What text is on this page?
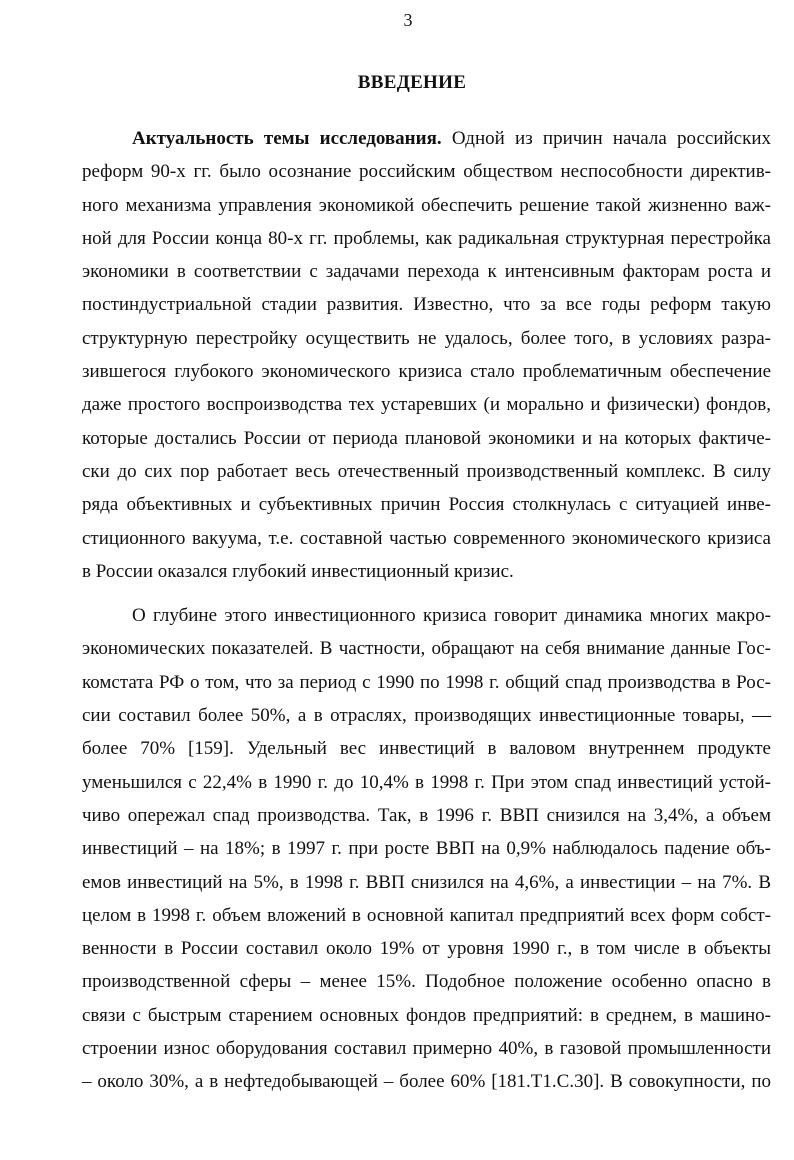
3
ВВЕДЕНИЕ
Актуальность темы исследования. Одной из причин начала российских
реформ 90-х гг. было осознание российским обществом неспособности директив-
ного механизма управления экономикой обеспечить решение такой жизненно важ-
ной для России конца 80-х гг. проблемы, как радикальная структурная перестройка
экономики в соответствии с задачами перехода к интенсивным факторам роста и
постиндустриальной стадии развития. Известно, что за все годы реформ такую
структурную перестройку осуществить не удалось, более того, в условиях разра-
зившегося глубокого экономического кризиса стало проблематичным обеспечение
даже простого воспроизводства тех устаревших (и морально и физически) фондов,
которые достались России от периода плановой экономики и на которых фактиче-
ски до сих пор работает весь отечественный производственный комплекс. В силу
ряда объективных и субъективных причин Россия столкнулась с ситуацией инве-
стиционного вакуума, т.е. составной частью современного экономического кризиса
в России оказался глубокий инвестиционный кризис.
О глубине этого инвестиционного кризиса говорит динамика многих макро-
экономических показателей. В частности, обращают на себя внимание данные Гос-
комстата РФ о том, что за период с 1990 по 1998 г. общий спад производства в Рос-
сии составил более 50%, а в отраслях, производящих инвестиционные товары, —
более 70% [159]. Удельный вес инвестиций в валовом внутреннем продукте
уменьшился с 22,4% в 1990 г. до 10,4% в 1998 г. При этом спад инвестиций устой-
чиво опережал спад производства. Так, в 1996 г. ВВП снизился на 3,4%, а объем
инвестиций – на 18%; в 1997 г. при росте ВВП на 0,9% наблюдалось падение объ-
емов инвестиций на 5%, в 1998 г. ВВП снизился на 4,6%, а инвестиции – на 7%. В
целом в 1998 г. объем вложений в основной капитал предприятий всех форм собст-
венности в России составил около 19% от уровня 1990 г., в том числе в объекты
производственной сферы – менее 15%. Подобное положение особенно опасно в
связи с быстрым старением основных фондов предприятий: в среднем, в машино-
строении износ оборудования составил примерно 40%, в газовой промышленности
– около 30%, а в нефтедобывающей – более 60% [181.Т1.С.30]. В совокупности, по
